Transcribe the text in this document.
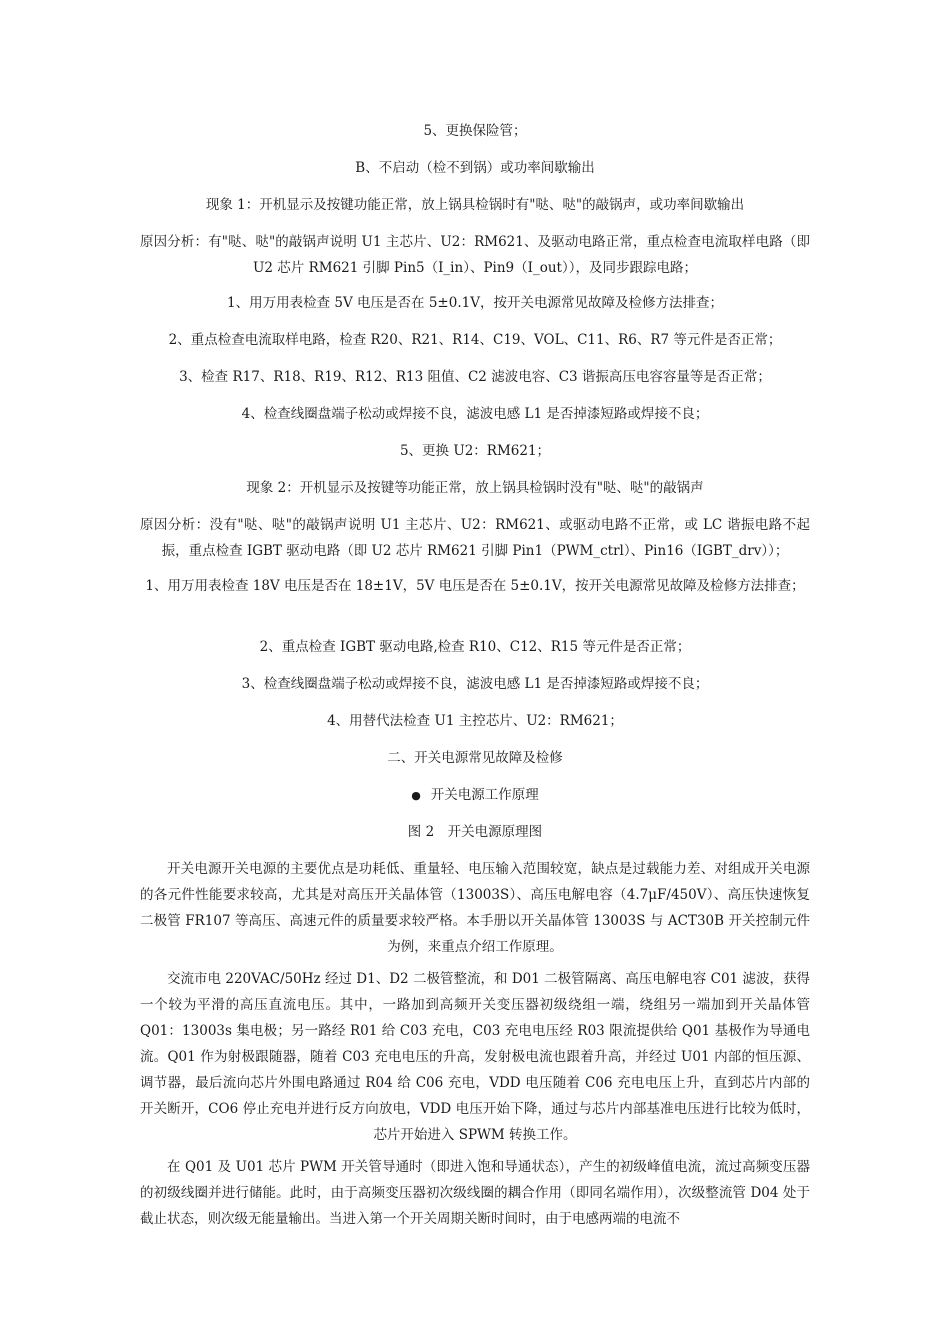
5、更换保险管；
B、不启动（检不到锅）或功率间歇输出
现象 1：开机显示及按键功能正常，放上锅具检锅时有"哒、哒"的敲锅声，或功率间歇输出
原因分析：有"哒、哒"的敲锅声说明 U1 主芯片、U2：RM621、及驱动电路正常，重点检查电流取样电路（即 U2 芯片 RM621 引脚 Pin5（I_in）、Pin9（I_out）），及同步跟踪电路；
1、用万用表检查 5V 电压是否在 5±0.1V，按开关电源常见故障及检修方法排查；
2、重点检查电流取样电路，检查 R20、R21、R14、C19、VOL、C11、R6、R7 等元件是否正常；
3、检查 R17、R18、R19、R12、R13 阻值、C2 滤波电容、C3 谐振高压电容容量等是否正常；
4、检查线圈盘端子松动或焊接不良，滤波电感 L1 是否掉漆短路或焊接不良；
5、更换 U2：RM621；
现象 2：开机显示及按键等功能正常，放上锅具检锅时没有"哒、哒"的敲锅声
原因分析：没有"哒、哒"的敲锅声说明 U1 主芯片、U2：RM621、或驱动电路不正常，或 LC 谐振电路不起振，重点检查 IGBT 驱动电路（即 U2 芯片 RM621 引脚 Pin1（PWM_ctrl）、Pin16（IGBT_drv））；
1、用万用表检查 18V 电压是否在 18±1V，5V 电压是否在 5±0.1V，按开关电源常见故障及检修方法排查；
2、重点检查 IGBT 驱动电路,检查 R10、C12、R15 等元件是否正常；
3、检查线圈盘端子松动或焊接不良，滤波电感 L1 是否掉漆短路或焊接不良；
4、用替代法检查 U1 主控芯片、U2：RM621；
二、开关电源常见故障及检修
● 开关电源工作原理
图 2　开关电源原理图
开关电源开关电源的主要优点是功耗低、重量轻、电压输入范围较宽，缺点是过载能力差、对组成开关电源的各元件性能要求较高，尤其是对高压开关晶体管（13003S）、高压电解电容（4.7μF/450V）、高压快速恢复二极管 FR107 等高压、高速元件的质量要求较严格。本手册以开关晶体管 13003S 与 ACT30B 开关控制元件为例，来重点介绍工作原理。
交流市电 220VAC/50Hz 经过 D1、D2 二极管整流，和 D01 二极管隔离、高压电解电容 C01 滤波，获得一个较为平滑的高压直流电压。其中，一路加到高频开关变压器初级绕组一端，绕组另一端加到开关晶体管 Q01：13003s 集电极；另一路经 R01 给 C03 充电，C03 充电电压经 R03 限流提供给 Q01 基极作为导通电流。Q01 作为射极跟随器，随着 C03 充电电压的升高，发射极电流也跟着升高，并经过 U01 内部的恒压源、调节器，最后流向芯片外围电路通过 R04 给 C06 充电，VDD 电压随着 C06 充电电压上升，直到芯片内部的开关断开，CO6 停止充电并进行反方向放电，VDD 电压开始下降，通过与芯片内部基准电压进行比较为低时，芯片开始进入 SPWM 转换工作。
在 Q01 及 U01 芯片 PWM 开关管导通时（即进入饱和导通状态），产生的初级峰值电流，流过高频变压器的初级线圈并进行储能。此时，由于高频变压器初次级线圈的耦合作用（即同名端作用），次级整流管 D04 处于截止状态，则次级无能量输出。当进入第一个开关周期关断时间时，由于电感两端的电流不
